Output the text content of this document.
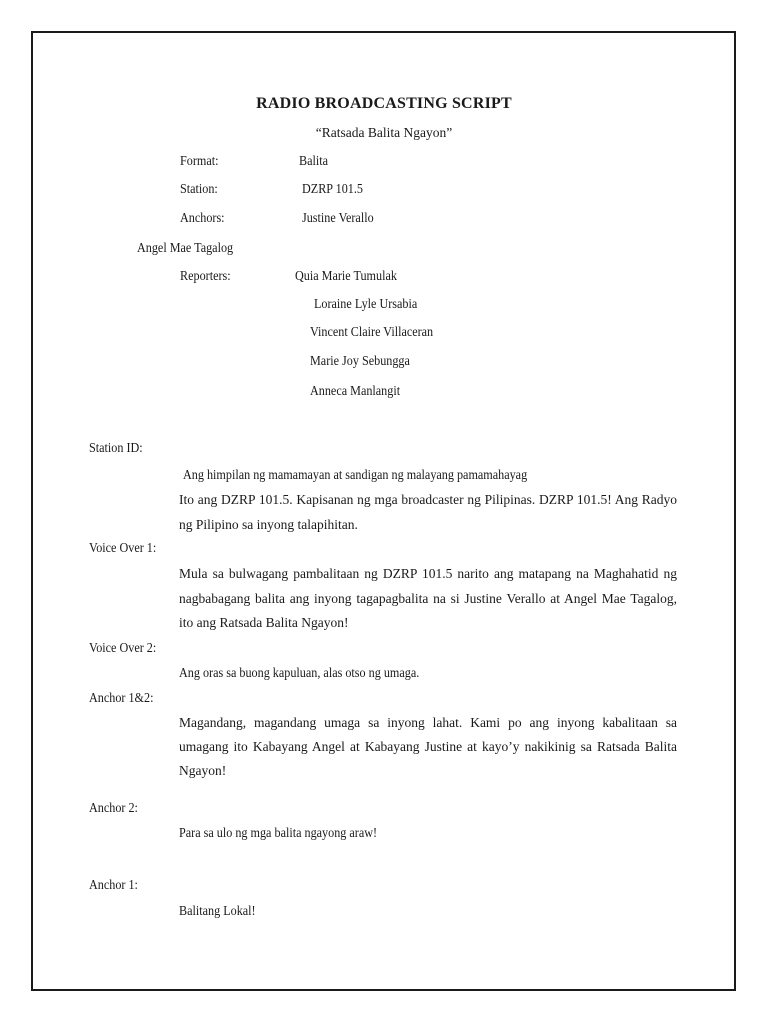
RADIO BROADCASTING SCRIPT
“Ratsada Balita Ngayon”
Format:	Balita
Station:	DZRP 101.5
Anchors:	Justine Verallo
Angel Mae Tagalog
Reporters:	Quia Marie Tumulak
Loraine Lyle Ursabia
Vincent Claire Villaceran
Marie Joy Sebungga
Anneca Manlangit
Station ID:
Ang himpilan ng mamamayan at sandigan ng malayang pamamahayag
Ito ang DZRP 101.5. Kapisanan ng mga broadcaster ng Pilipinas. DZRP 101.5! Ang Radyo ng Pilipino sa inyong talapihitan.
Voice Over 1:
Mula sa bulwagang pambalitaan ng DZRP 101.5 narito ang matapang na Maghahatid ng nagbabagang balita ang inyong tagapagbalita na si Justine Verallo at Angel Mae Tagalog, ito ang Ratsada Balita Ngayon!
Voice Over 2:
Ang oras sa buong kapuluan, alas otso ng umaga.
Anchor 1&2:
Magandang, magandang umaga sa inyong lahat. Kami po ang inyong kabalitaan sa umagang ito Kabayang Angel at Kabayang Justine at kayo’y nakikinig sa Ratsada Balita Ngayon!
Anchor 2:
Para sa ulo ng mga balita ngayong araw!
Anchor 1:
Balitang Lokal!
